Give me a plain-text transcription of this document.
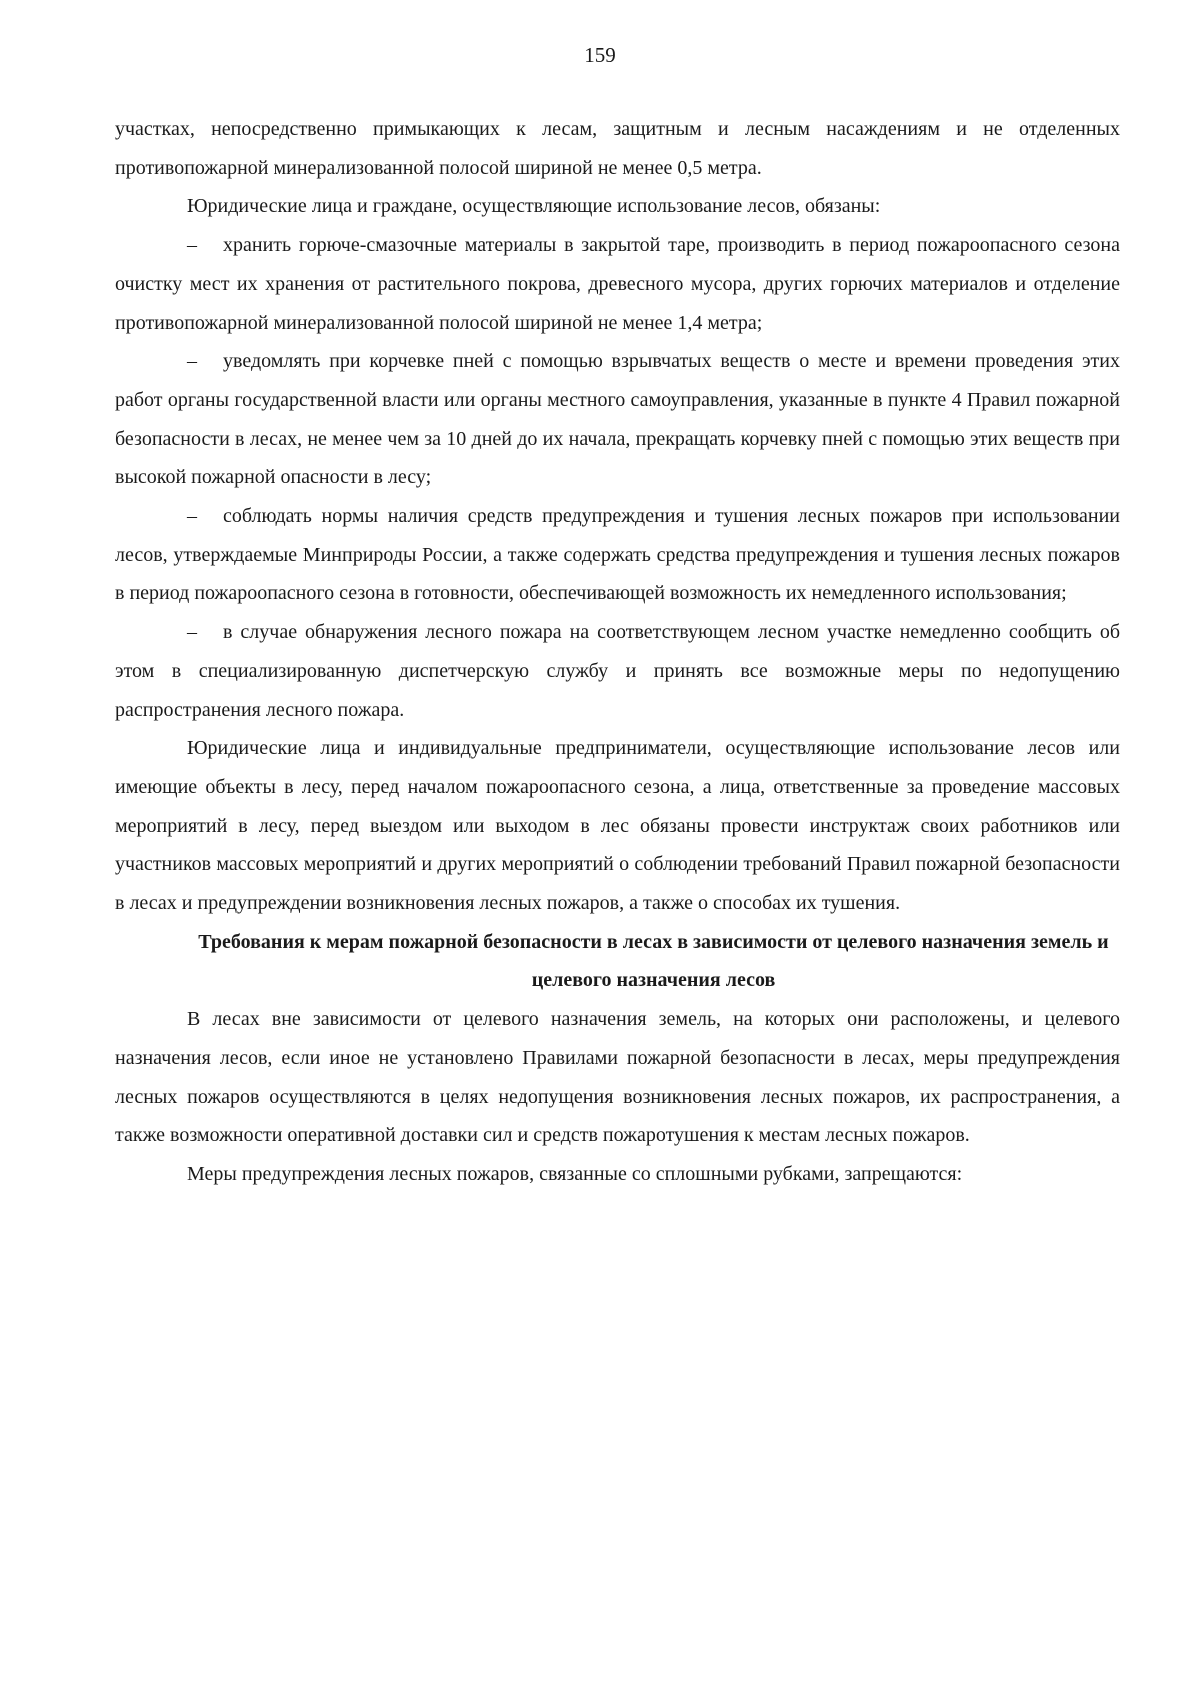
159

участках, непосредственно примыкающих к лесам, защитным и лесным насаждениям и не отделенных противопожарной минерализованной полосой шириной не менее 0,5 метра.

Юридические лица и граждане, осуществляющие использование лесов, обязаны:

– хранить горюче-смазочные материалы в закрытой таре, производить в период пожароопасного сезона очистку мест их хранения от растительного покрова, древесного мусора, других горючих материалов и отделение противопожарной минерализованной полосой шириной не менее 1,4 метра;

– уведомлять при корчевке пней с помощью взрывчатых веществ о месте и времени проведения этих работ органы государственной власти или органы местного самоуправления, указанные в пункте 4 Правил пожарной безопасности в лесах, не менее чем за 10 дней до их начала, прекращать корчевку пней с помощью этих веществ при высокой пожарной опасности в лесу;

– соблюдать нормы наличия средств предупреждения и тушения лесных пожаров при использовании лесов, утверждаемые Минприроды России, а также содержать средства предупреждения и тушения лесных пожаров в период пожароопасного сезона в готовности, обеспечивающей возможность их немедленного использования;

– в случае обнаружения лесного пожара на соответствующем лесном участке немедленно сообщить об этом в специализированную диспетчерскую службу и принять все возможные меры по недопущению распространения лесного пожара.

Юридические лица и индивидуальные предприниматели, осуществляющие использование лесов или имеющие объекты в лесу, перед началом пожароопасного сезона, а лица, ответственные за проведение массовых мероприятий в лесу, перед выездом или выходом в лес обязаны провести инструктаж своих работников или участников массовых мероприятий и других мероприятий о соблюдении требований Правил пожарной безопасности в лесах и предупреждении возникновения лесных пожаров, а также о способах их тушения.

Требования к мерам пожарной безопасности в лесах в зависимости от целевого назначения земель и целевого назначения лесов

В лесах вне зависимости от целевого назначения земель, на которых они расположены, и целевого назначения лесов, если иное не установлено Правилами пожарной безопасности в лесах, меры предупреждения лесных пожаров осуществляются в целях недопущения возникновения лесных пожаров, их распространения, а также возможности оперативной доставки сил и средств пожаротушения к местам лесных пожаров.

Меры предупреждения лесных пожаров, связанные со сплошными рубками, запрещаются:
